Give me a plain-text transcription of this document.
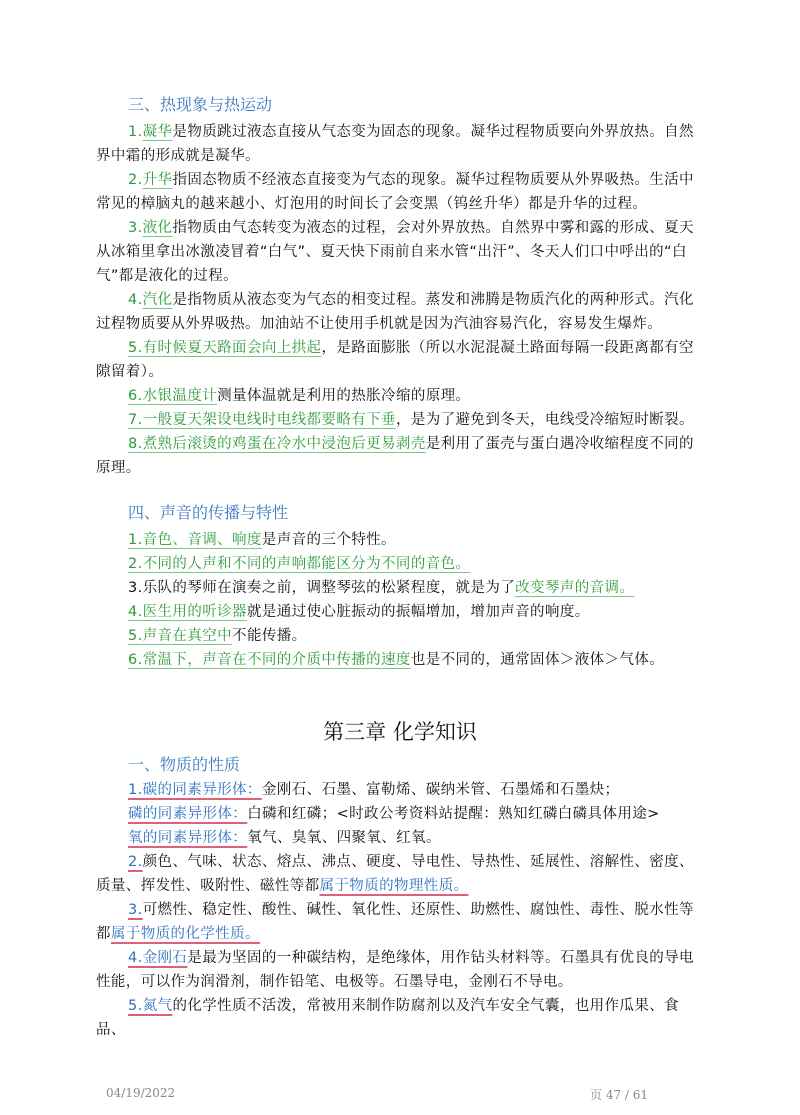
三、热现象与热运动
1.凝华是物质跳过液态直接从气态变为固态的现象。凝华过程物质要向外界放热。自然界中霜的形成就是凝华。
2.升华指固态物质不经液态直接变为气态的现象。凝华过程物质要从外界吸热。生活中常见的樟脑丸的越来越小、灯泡用的时间长了会变黑（钨丝升华）都是升华的过程。
3.液化指物质由气态转变为液态的过程，会对外界放热。自然界中雾和露的形成、夏天从冰箱里拿出冰激凌冒着“白气”、夏天快下雨前自来水管“出汗”、冬天人们口中呼出的“白气”都是液化的过程。
4.汽化是指物质从液态变为气态的相变过程。蒸发和沸腾是物质汽化的两种形式。汽化过程物质要从外界吸热。加油站不让使用手机就是因为汽油容易汽化，容易发生爆炸。
5.有时候夏天路面会向上拱起，是路面膨胀（所以水泥混凝土路面每隔一段距离都有空隙留着）。
6.水银温度计测量体温就是利用的热胀冷缩的原理。
7.一般夏天架设电线时电线都要略有下垂，是为了避免到冬天，电线受冷缩短时断裂。
8.煮熟后滚烫的鸡蛋在冷水中浸泡后更易剥壳是利用了蛋壳与蛋白遇冷收缩程度不同的原理。
四、声音的传播与特性
1.音色、音调、响度是声音的三个特性。
2.不同的人声和不同的声响都能区分为不同的音色。
3.乐队的琴师在演奏之前，调整琴弦的松紧程度，就是为了改变琴声的音调。
4.医生用的听诊器就是通过使心脏振动的振幅增加，增加声音的响度。
5.声音在真空中不能传播。
6.常温下，声音在不同的介质中传播的速度也是不同的，通常固体＞液体＞气体。
第三章 化学知识
一、物质的性质
1.碳的同素异形体：金刚石、石墨、富勒烯、碳纳米管、石墨烯和石墨炔；
磷的同素异形体：白磷和红磷；<时政公考资料站提醒：熟知红磷白磷具体用途>
氧的同素异形体：氧气、臭氧、四聚氧、红氧。
2.颜色、气味、状态、熔点、沸点、硬度、导电性、导热性、延展性、溶解性、密度、质量、挥发性、吸附性、磁性等都属于物质的物理性质。
3.可燃性、稳定性、酸性、碱性、氧化性、还原性、助燃性、腐蚀性、毒性、脱水性等都属于物质的化学性质。
4.金刚石是最为坚固的一种碳结构，是绝缘体，用作钻头材料等。石墨具有优良的导电性能，可以作为润滑剂，制作铅笔、电极等。石墨导电，金刚石不导电。
5.氮气的化学性质不活泼，常被用来制作防腐剂以及汽车安全气囊，也用作瓜果、食品、
04/19/2022	页 47 / 61
